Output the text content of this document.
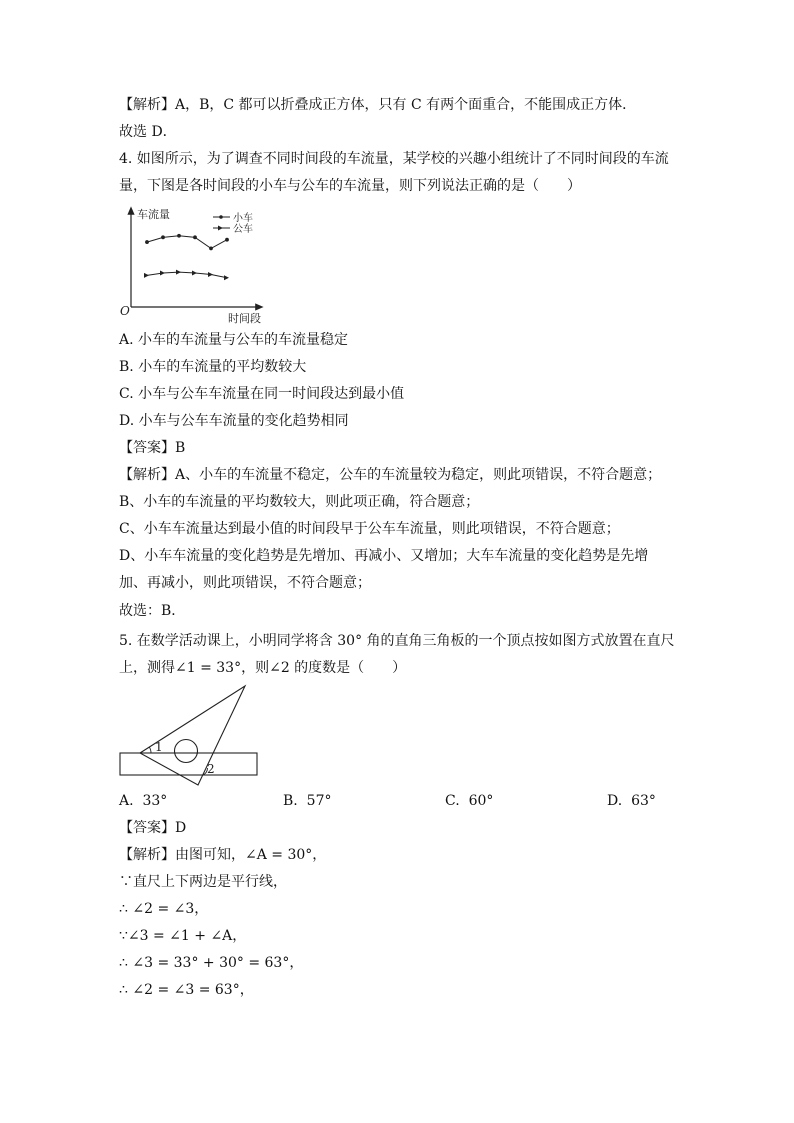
【解析】A，B，C 都可以折叠成正方体，只有 C 有两个面重合，不能围成正方体．
故选 D．
4. 如图所示，为了调查不同时间段的车流量，某学校的兴趣小组统计了不同时间段的车流
量，下图是各时间段的小车与公车的车流量，则下列说法正确的是（　　）
车流量
时间段
O
小车
公车
A. 小车的车流量与公车的车流量稳定
B. 小车的车流量的平均数较大
C. 小车与公车车流量在同一时间段达到最小值
D. 小车与公车车流量的变化趋势相同
【答案】B
【解析】A、小车的车流量不稳定，公车的车流量较为稳定，则此项错误，不符合题意；
B、小车的车流量的平均数较大，则此项正确，符合题意；
C、小车车流量达到最小值的时间段早于公车车流量，则此项错误，不符合题意；
D、小车车流量的变化趋势是先增加、再减小、又增加；大车车流量的变化趋势是先增
加、再减小，则此项错误，不符合题意；
故选：B．
5. 在数学活动课上，小明同学将含 30° 角的直角三角板的一个顶点按如图方式放置在直尺
上，测得∠1 = 33°，则∠2 的度数是（　　）
1
2
A. 33°	B. 57°	C. 60°	D. 63°
【答案】D
【解析】由图可知，∠A = 30°，
∵直尺上下两边是平行线，
∴ ∠2 = ∠3，
∵∠3 = ∠1 + ∠A，
∴ ∠3 = 33° + 30° = 63°，
∴ ∠2 = ∠3 = 63°，
